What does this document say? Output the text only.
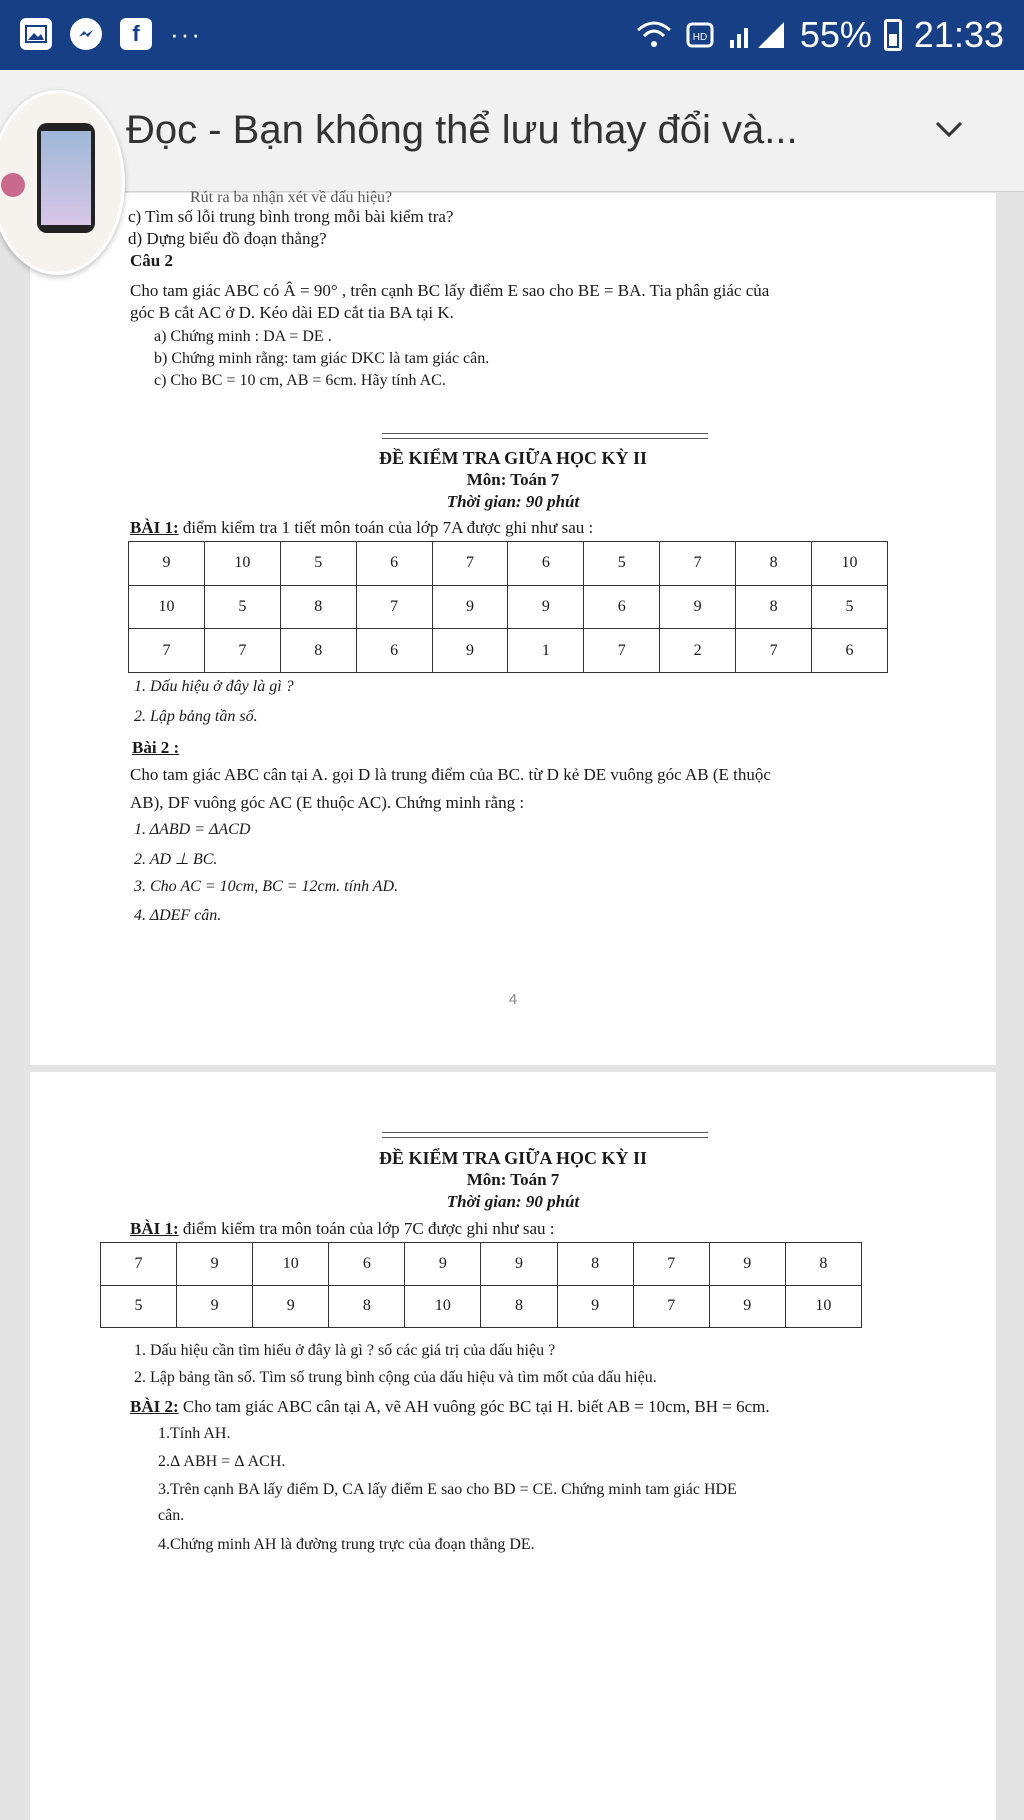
f	···	HD	55% 21:33
Đọc - Bạn không thể lưu thay đổi và...
Rút ra ba nhận xét về dấu hiệu?
c) Tìm số lỗi trung bình trong mỗi bài kiểm tra?
d) Dựng biểu đồ đoạn thẳng?
Câu 2
Cho tam giác ABC có Â = 90° , trên cạnh BC lấy điểm E sao cho BE = BA. Tia phân giác của
góc B cắt AC ở D. Kéo dài ED cắt tia BA tại K.
a) Chứng minh : DA = DE .
b) Chứng minh rằng: tam giác DKC là tam giác cân.
c) Cho BC = 10 cm, AB = 6cm. Hãy tính AC.
ĐỀ KIỂM TRA GIỮA HỌC KỲ II
Môn: Toán 7
Thời gian: 90 phút
BÀI 1: điểm kiểm tra 1 tiết môn toán của lớp 7A được ghi như sau :
9	10	5	6	7	6	5	7	8	10
10	5	8	7	9	9	6	9	8	5
7	7	8	6	9	1	7	2	7	6
1. Dấu hiệu ở đây là gì ?
2. Lập bảng tần số.
Bài 2 :
Cho tam giác ABC cân tại A. gọi D là trung điểm của BC. từ D kẻ DE vuông góc AB (E thuộc
AB), DF vuông góc AC (E thuộc AC). Chứng minh rằng :
1. ΔABD = ΔACD
2. AD ⊥ BC.
3. Cho AC = 10cm, BC = 12cm. tính AD.
4. ΔDEF cân.
4
ĐỀ KIỂM TRA GIỮA HỌC KỲ II
Môn: Toán 7
Thời gian: 90 phút
BÀI 1: điểm kiểm tra môn toán của lớp 7C được ghi như sau :
7	9	10	6	9	9	8	7	9	8
5	9	9	8	10	8	9	7	9	10
1. Dấu hiệu cần tìm hiểu ở đây là gì ? số các giá trị của dấu hiệu ?
2. Lập bảng tần số. Tìm số trung bình cộng của dấu hiệu và tìm mốt của dấu hiệu.
BÀI 2: Cho tam giác ABC cân tại A, vẽ AH vuông góc BC tại H. biết AB = 10cm, BH = 6cm.
1.Tính AH.
2.Δ ABH = Δ ACH.
3.Trên cạnh BA lấy điểm D, CA lấy điểm E sao cho BD = CE. Chứng minh tam giác HDE
cân.
4.Chứng minh AH là đường trung trực của đoạn thẳng DE.
